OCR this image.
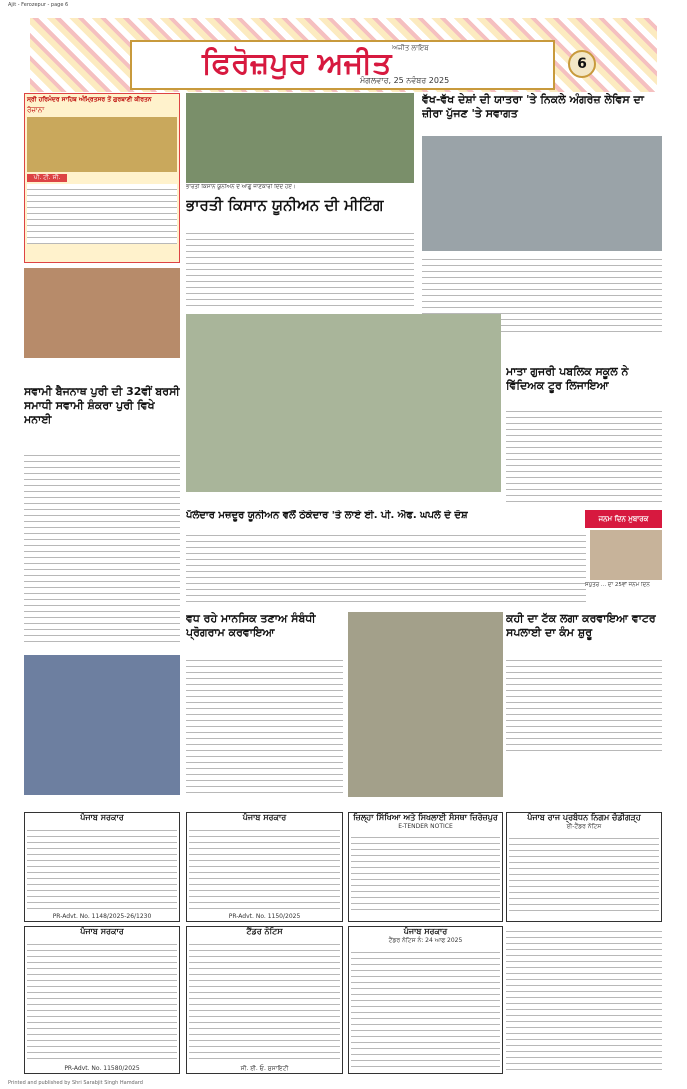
Ajit - Ferozepur - page 6
ਫਿਰੋਜ਼ਪੁਰ ਅਜੀਤ ਅਜੀਤ ਲਾਇਬ
ਮੰਗਲਵਾਰ, 25 ਨਵੰਬਰ 2025
6
ਸ੍ਰੀ ਹਰਿਮੰਦਰ ਸਾਹਿਬ ਅੰਮ੍ਰਿਤਸਰ ਤੋਂ ਗੁਰਬਾਣੀ ਕੀਰਤਨ
ਰੋਜ਼ਾਨਾ
ਪੀ. ਟੀ. ਸੀ.
ਭਾਰਤੀ ਕਿਸਾਨ ਯੂਨੀਅਨ ਦੇ ਆਗੂ ਜਾਣਕਾਰੀ ਦਿੰਦੇ ਹੋਏ।
ਭਾਰਤੀ ਕਿਸਾਨ ਯੂਨੀਅਨ ਦੀ ਮੀਟਿੰਗ
ਵੱਖ-ਵੱਖ ਦੇਸ਼ਾਂ ਦੀ ਯਾਤਰਾ 'ਤੇ ਨਿਕਲੇ ਅੰਗਰੇਜ਼ ਲੇਵਿਸ ਦਾ ਜ਼ੀਰਾ ਪੁੱਜਣ 'ਤੇ ਸਵਾਗਤ
ਸਵਾਮੀ ਬੈਜਨਾਥ ਪੁਰੀ ਦੀ 32ਵੀਂ ਬਰਸੀ ਸਮਾਧੀ ਸਵਾਮੀ ਸ਼ੰਕਰਾ ਪੁਰੀ ਵਿਖੇ ਮਨਾਈ
ਪੱਲੇਦਾਰ ਮਜ਼ਦੂਰ ਯੂਨੀਅਨ ਵਲੋਂ ਠੇਕੇਦਾਰ 'ਤੇ ਲਾਏ ਈ. ਪੀ. ਐਫ. ਘਪਲੇ ਦੇ ਦੋਸ਼
ਮਾਤਾ ਗੁਜਰੀ ਪਬਲਿਕ ਸਕੂਲ ਨੇ ਵਿੱਦਿਅਕ ਟੂਰ ਲਿਜਾਇਆ
ਜਨਮ ਦਿਨ ਮੁਬਾਰਕ
ਸਪੁੱਤਰ ... ਦਾ 25ਵਾਂ ਜਨਮ ਦਿਨ
ਵਧ ਰਹੇ ਮਾਨਸਿਕ ਤਣਾਅ ਸੰਬੰਧੀ ਪ੍ਰੋਗਰਾਮ ਕਰਵਾਇਆ
ਕਹੀ ਦਾ ਟੱਕ ਲਗਾ ਕਰਵਾਇਆ ਵਾਟਰ ਸਪਲਾਈ ਦਾ ਕੰਮ ਸ਼ੁਰੂ
ਪੰਜਾਬ ਸਰਕਾਰ
PR-Advt. No. 1148/2025-26/1230
ਪੰਜਾਬ ਸਰਕਾਰ
PR-Advt. No. 1150/2025
ਜ਼ਿਲ੍ਹਾ ਸਿੱਖਿਆ ਅਤੇ ਸਿਖਲਾਈ ਸੰਸਥਾ ਜ਼ਿਰੋਜ਼ਪੁਰ
E-TENDER NOTICE
ਪੰਜਾਬ ਰਾਜ ਪ੍ਰਬੰਧਨ ਨਿਗਮ ਚੰਡੀਗੜ੍ਹ
ਈ-ਟੈਂਡਰ ਨੋਟਿਸ
ਪੰਜਾਬ ਸਰਕਾਰ
PR-Advt. No. 11580/2025
ਟੈਂਡਰ ਨੋਟਿਸ
ਸੀ. ਈ. ਓ. ਸੁਸਾਇਟੀ
ਪੰਜਾਬ ਸਰਕਾਰ
ਟੈਂਡਰ ਨੋਟਿਸ ਨੰ: 24 ਆਫ 2025
Printed and published by Shri Sarabjit Singh Hamdard
